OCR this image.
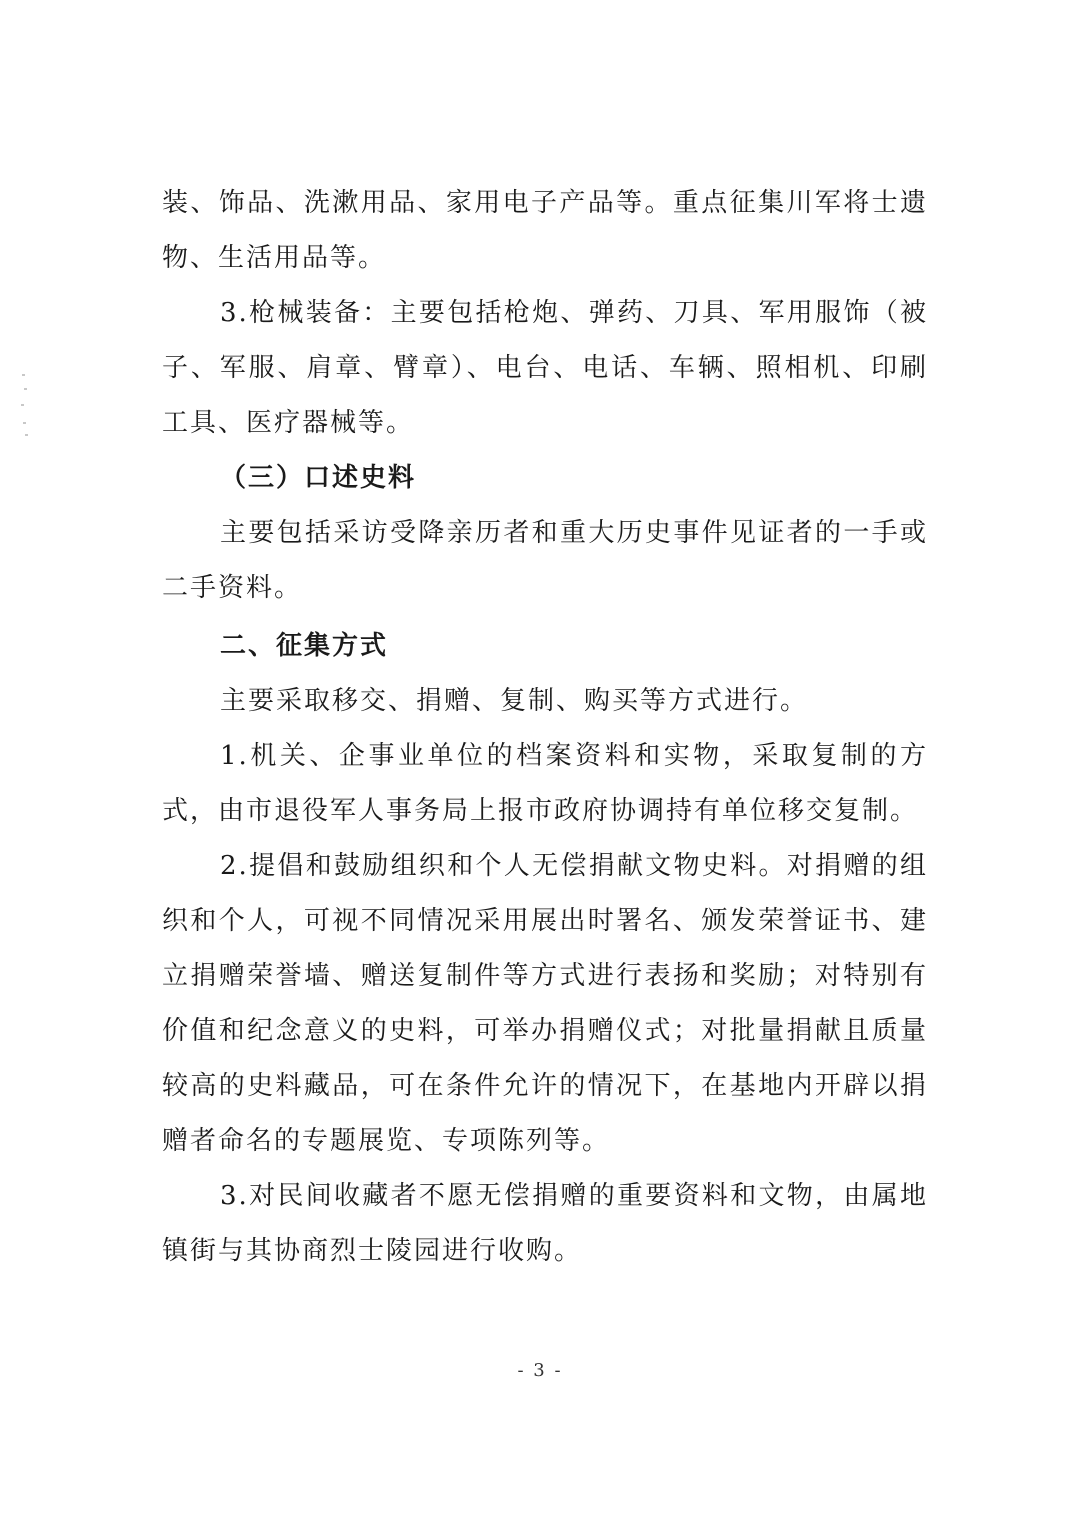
装、饰品、洗漱用品、家用电子产品等。重点征集川军将士遗物、生活用品等。

3.枪械装备：主要包括枪炮、弹药、刀具、军用服饰（被子、军服、肩章、臂章）、电台、电话、车辆、照相机、印刷工具、医疗器械等。

（三）口述史料

主要包括采访受降亲历者和重大历史事件见证者的一手或二手资料。

二、征集方式

主要采取移交、捐赠、复制、购买等方式进行。

1.机关、企事业单位的档案资料和实物，采取复制的方式，由市退役军人事务局上报市政府协调持有单位移交复制。

2.提倡和鼓励组织和个人无偿捐献文物史料。对捐赠的组织和个人，可视不同情况采用展出时署名、颁发荣誉证书、建立捐赠荣誉墙、赠送复制件等方式进行表扬和奖励；对特别有价值和纪念意义的史料，可举办捐赠仪式；对批量捐献且质量较高的史料藏品，可在条件允许的情况下，在基地内开辟以捐赠者命名的专题展览、专项陈列等。

3.对民间收藏者不愿无偿捐赠的重要资料和文物，由属地镇街与其协商烈士陵园进行收购。

- 3 -
